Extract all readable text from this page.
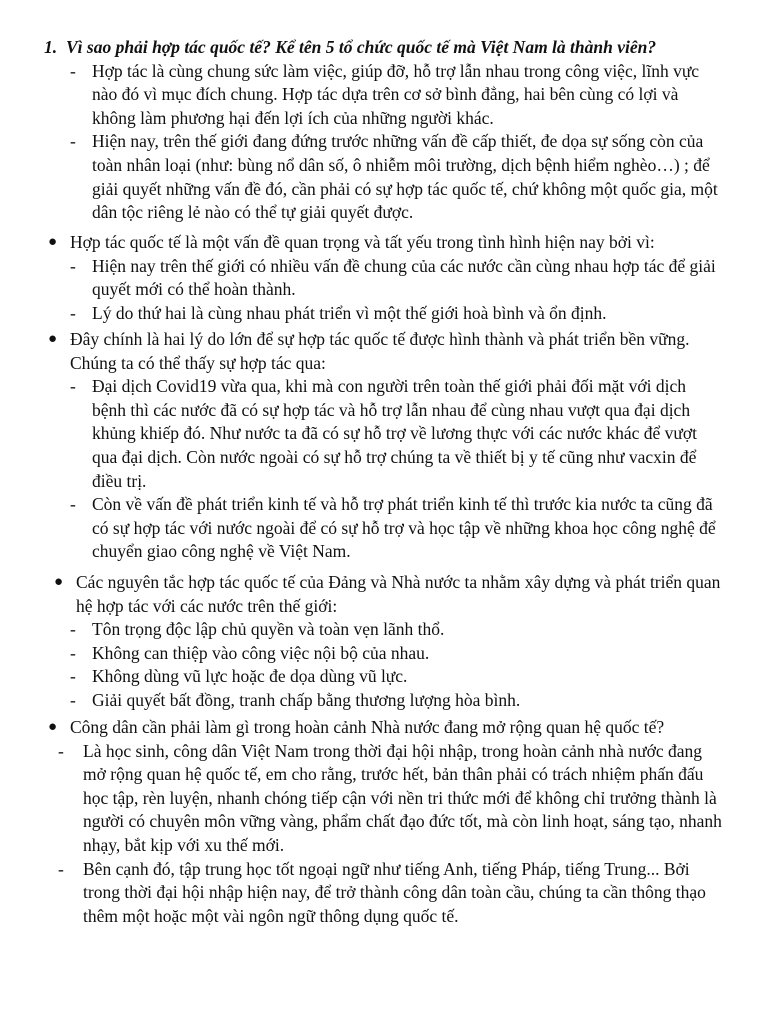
1. Vì sao phải hợp tác quốc tế? Kể tên 5 tổ chức quốc tế mà Việt Nam là thành viên?
- Hợp tác là cùng chung sức làm việc, giúp đỡ, hỗ trợ lẫn nhau trong công việc, lĩnh vực nào đó vì mục đích chung. Hợp tác dựa trên cơ sở bình đẳng, hai bên cùng có lợi và không làm phương hại đến lợi ích của những người khác.
- Hiện nay, trên thế giới đang đứng trước những vấn đề cấp thiết, đe dọa sự sống còn của toàn nhân loại (như: bùng nổ dân số, ô nhiễm môi trường, dịch bệnh hiểm nghèo…) ; để giải quyết những vấn đề đó, cần phải có sự hợp tác quốc tế, chứ không một quốc gia, một dân tộc riêng lẻ nào có thể tự giải quyết được.
● Hợp tác quốc tế là một vấn đề quan trọng và tất yếu trong tình hình hiện nay bởi vì:
- Hiện nay trên thế giới có nhiều vấn đề chung của các nước cần cùng nhau hợp tác để giải quyết mới có thể hoàn thành.
- Lý do thứ hai là cùng nhau phát triển vì một thế giới hoà bình và ổn định.
● Đây chính là hai lý do lớn để sự hợp tác quốc tế được hình thành và phát triển bền vững. Chúng ta có thể thấy sự hợp tác qua:
- Đại dịch Covid19 vừa qua, khi mà con người trên toàn thế giới phải đối mặt với dịch bệnh thì các nước đã có sự hợp tác và hỗ trợ lẫn nhau để cùng nhau vượt qua đại dịch khủng khiếp đó. Như nước ta đã có sự hỗ trợ về lương thực với các nước khác để vượt qua đại dịch. Còn nước ngoài có sự hỗ trợ chúng ta về thiết bị y tế cũng như vacxin để điều trị.
- Còn về vấn đề phát triển kinh tế và hỗ trợ phát triển kinh tế thì trước kia nước ta cũng đã có sự hợp tác với nước ngoài để có sự hỗ trợ và học tập về những khoa học công nghệ để chuyển giao công nghệ về Việt Nam.
● Các nguyên tắc hợp tác quốc tế của Đảng và Nhà nước ta nhằm xây dựng và phát triển quan hệ hợp tác với các nước trên thế giới:
- Tôn trọng độc lập chủ quyền và toàn vẹn lãnh thổ.
- Không can thiệp vào công việc nội bộ của nhau.
- Không dùng vũ lực hoặc đe dọa dùng vũ lực.
- Giải quyết bất đồng, tranh chấp bằng thương lượng hòa bình.
● Công dân cần phải làm gì trong hoàn cảnh Nhà nước đang mở rộng quan hệ quốc tế?
- Là học sinh, công dân Việt Nam trong thời đại hội nhập, trong hoàn cảnh nhà nước đang mở rộng quan hệ quốc tế, em cho rằng, trước hết, bản thân phải có trách nhiệm phấn đấu học tập, rèn luyện, nhanh chóng tiếp cận với nền tri thức mới để không chỉ trưởng thành là người có chuyên môn vững vàng, phẩm chất đạo đức tốt, mà còn linh hoạt, sáng tạo, nhanh nhạy, bắt kịp với xu thế mới.
- Bên cạnh đó, tập trung học tốt ngoại ngữ như tiếng Anh, tiếng Pháp, tiếng Trung... Bởi trong thời đại hội nhập hiện nay, để trở thành công dân toàn cầu, chúng ta cần thông thạo thêm một hoặc một vài ngôn ngữ thông dụng quốc tế.
